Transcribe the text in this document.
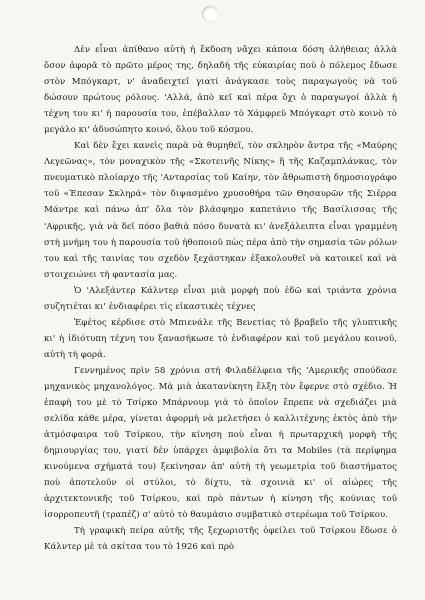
Δὲν εἶναι ἀπίθανο αὐτὴ ἡ ἔκδοση νἄχει κάποια δόση ἀλήθειας ἀλλὰ ὅσον ἀφορᾶ τὸ πρῶτο μέρος της, δηλαδὴ τῆς εὐκαιρίας ποὺ ὁ πόλεμος ἔδωσε στὸν Μπόγκαρτ, ν' ἀναδειχτεῖ γιατί ἀνάγκασε τοὺς παραγωγοὺς νὰ τοῦ δώσουν πρώτους ρόλους. 'Αλλά, ἀπὸ κεῖ καὶ πέρα ὄχι ὁ παραγωγοί ἀλλὰ ἡ τέχνη του κι' ἡ παρουσία του, ἐπέβαλλαν τὸ Χάμφρεϋ Μπόγκαρτ στὸ κοινὸ τὸ μεγάλο κι' ἀδυσώπητο κοινό, ὅλου τοῦ κόσμου.

Καὶ δὲν ἔχει κανεὶς παρὰ νὰ θυμηθεῖ, τὸν σκληρὸν ἄντρα τῆς «Μαύρης Λεγεῶνας», τὸν μοναχικὸν τῆς «Σκοτεινῆς Νίκης» ἢ τῆς Καζαμπλάνκας, τὸν πνευματικὸ πλοίαρχο τῆς 'Ανταρσίας τοῦ Καίην, τὸν ἄθρωπιστὴ δημοσιογράφο τοῦ «Έπεσαν Σκληρά» τὸν διψασμένο χρυσοθήρα τῶν Θησαυρῶν τῆς Σιέρρα Μάντρε καὶ πάνω ἀπ' ὅλα τὸν βλάσφημο καπετάνιο τῆς Βασίλισσας τῆς 'Αφρικῆς, γιὰ νὰ δεῖ πόσο βαθιὰ πόσο δυνατὰ κι' ἀνεξάλειπτα εἶναι γραμμένη στὴ μνήμη του ἡ παρουσία τοῦ ἠθοποιοῦ πὼς πέρα ἀπὸ τὴν σημασία τῶν ρόλων του καὶ τῆς ταινίας του σχεδὸν ξεχάστηκαν ἐξακολουθεῖ νὰ κατοικεῖ καὶ νὰ στοιχειώνει τὴ φαντασία μας.

Ὁ 'Αλεξάντερ Κάλντερ εἶναι μιὰ μορφὴ ποὺ ἐδῶ καὶ τριάντα χρόνια συζητιέται κι' ἐνδιαφέρει τὶς εἰκαστικὲς τέχνες

Ἐφέτος κέρδισε στὸ Μπιενάλε τῆς Βενετίας τὸ βραβεῖο τῆς γλυπτικῆς κι' ἡ ἰδιότυπη τέχνη του ξανασήκωσε τὸ ἐνδιαφέρον καὶ τοῦ μεγάλου κοινοῦ, αὐτὴ τὴ φορά.

Γεννημένος πρὶν 58 χρόνια στὴ Φιλαδέλφεια τῆς 'Αμερικῆς σπούδασε μηχανικὸς μηχανολόγος. Μὰ μιὰ ἀκατανίκητη ἕλξη τὸν ἔφερνε στὸ σχέδιο. Ἡ ἐπαφὴ του μὲ τὸ Τσίρκο Μπάρνουμ γιὰ τὸ ὁποῖον ἔπρεπε νὰ σχεδιάζει μιὰ σελίδα κάθε μέρα, γίνεται ἀφορμὴ νὰ μελετήσει ὁ καλλιτέχνης ἐκτὸς ἀπὸ τὴν ἀτμόσφαιρα τοῦ Τσίρκου, τὴν κίνηση ποὺ εἶναι ἡ πρωταρχικὴ μορφὴ τῆς δημιουργίας του, γιατί δὲν ὑπάρχει ἀμφιβολία ὅτι τα Mobiles (τὰ περίφημα κινούμενα σχήματά του) ξεκίνησαν ἀπ' αὐτὴ τὴ γεωμετρία τοῦ διαστήματος ποὺ ἀποτελοῦν οἱ στύλοι, τὸ δίχτυ, τὰ σχοινιὰ κι' οἱ αἰώρες τῆς ἀρχιτεκτονικῆς τοῦ Τσίρκου, καὶ πρὸ πάντων ἡ κίνηση τῆς κούνιας τοῦ ἰσορροπευτῆ (τραπέζ) σ' αὐτὸ τὸ θαυμάσιο συμβατικὸ στερέωμα τοῦ Τσίρκου.

Τὴ γραφικὴ πείρα αὐτῆς τῆς ξεχωριστῆς ὀφείλει τοῦ Τσίρκου ἔδωσε ὁ Κάλντερ μὲ τὰ σκίτσα του τὸ 1926 καὶ πρὸ
